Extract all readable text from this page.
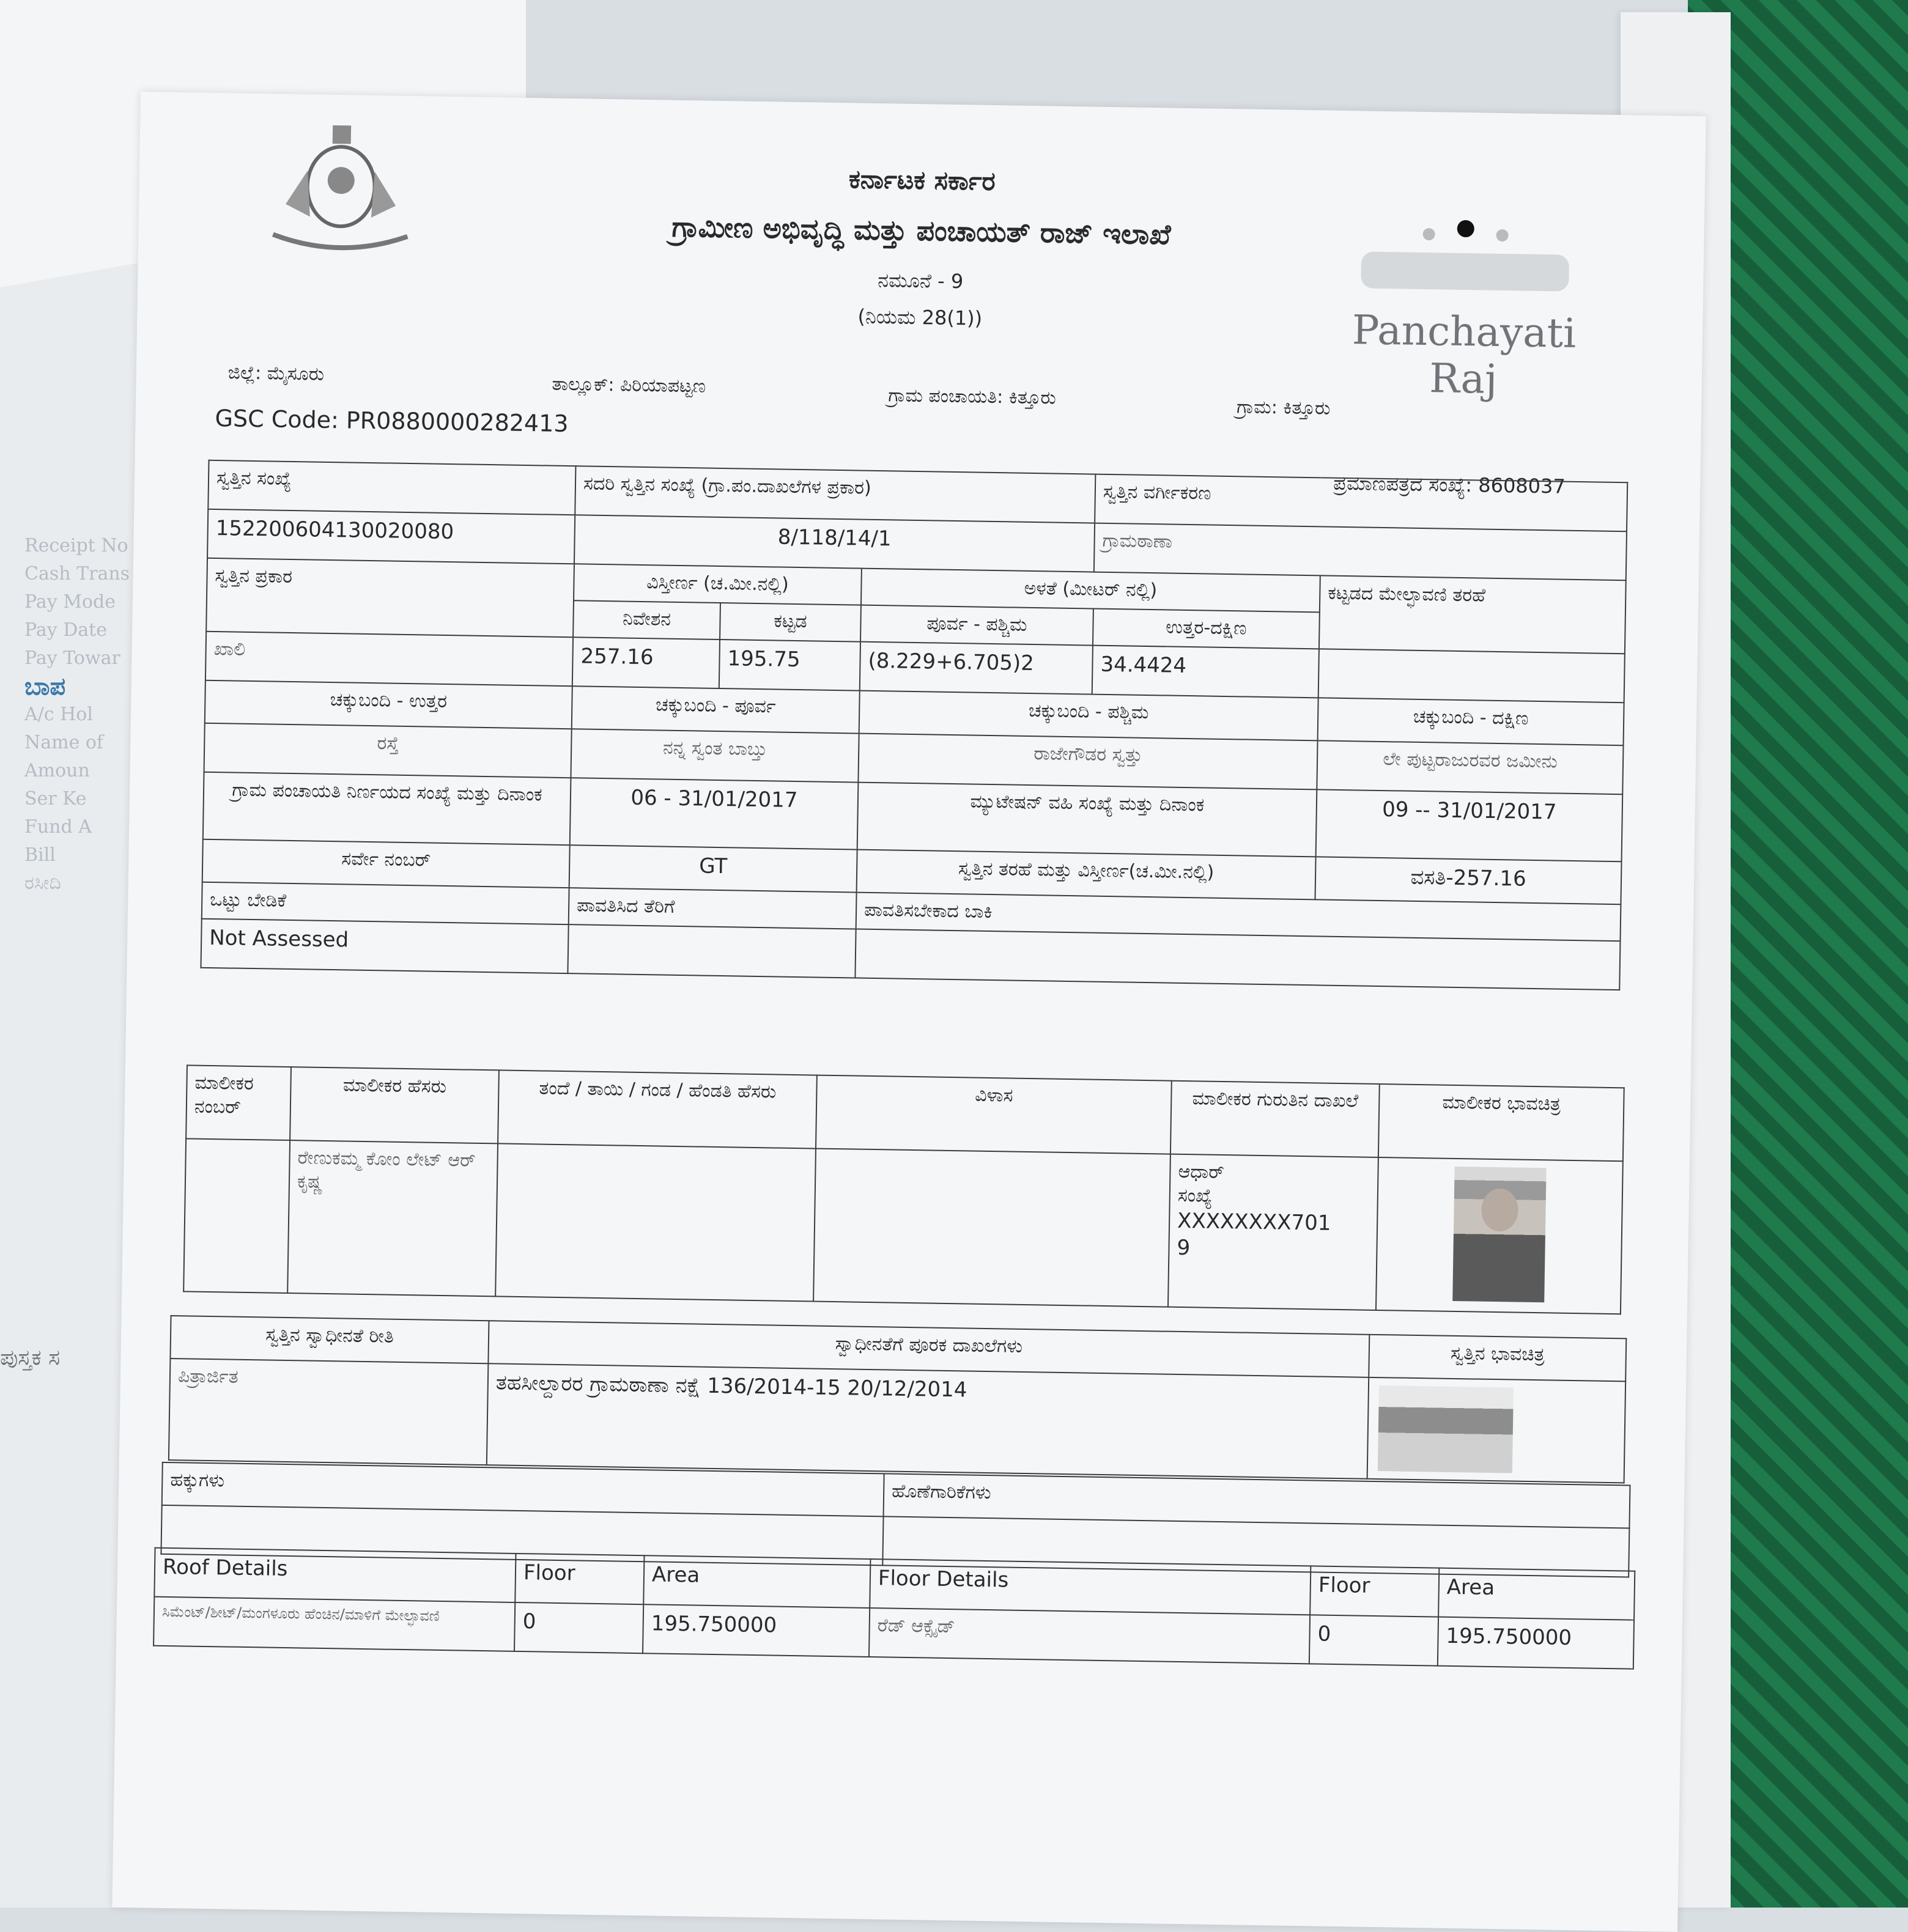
Receipt No
Cash Trans
Pay Mode
Pay Date
Pay Towar
ಬಾಪ
A/c Hol
Name of
Amoun
Ser Ke
Fund A
Bill
ರಸೀದಿ
ಪುಸ್ತಕ ಸ
Panchayati Raj
ಕರ್ನಾಟಕ ಸರ್ಕಾರ
ಗ್ರಾಮೀಣ ಅಭಿವೃದ್ಧಿ ಮತ್ತು ಪಂಚಾಯತ್ ರಾಜ್ ಇಲಾಖೆ
ನಮೂನೆ - 9
(ನಿಯಮ 28(1))
ಜಿಲ್ಲೆ: ಮೈಸೂರು	ತಾಲ್ಲೂಕ್: ಪಿರಿಯಾಪಟ್ಟಣ	ಗ್ರಾಮ ಪಂಚಾಯತಿ: ಕಿತ್ತೂರು	ಗ್ರಾಮ: ಕಿತ್ತೂರು
GSC Code: PR0880000282413
ಪ್ರಮಾಣಪತ್ರದ ಸಂಖ್ಯೆ: 8608037
ಸ್ವತ್ತಿನ ಸಂಖ್ಯೆ	ಸದರಿ ಸ್ವತ್ತಿನ ಸಂಖ್ಯೆ (ಗ್ರಾ.ಪಂ.ದಾಖಲೆಗಳ ಪ್ರಕಾರ)			ಸ್ವತ್ತಿನ ವರ್ಗೀಕರಣ	
152200604130020080	8/118/14/1			ಗ್ರಾಮಠಾಣಾ	
ಸ್ವತ್ತಿನ ಪ್ರಕಾರ	ವಿಸ್ತೀರ್ಣ (ಚ.ಮೀ.ನಲ್ಲಿ)		ಅಳತೆ (ಮೀಟರ್ ನಲ್ಲಿ)		ಕಟ್ಟಡದ ಮೇಲ್ಛಾವಣಿ ತರಹೆ
	ನಿವೇಶನ	ಕಟ್ಟಡ	ಪೂರ್ವ - ಪಶ್ಚಿಮ	ಉತ್ತರ-ದಕ್ಷಿಣ	
ಖಾಲಿ	257.16	195.75	(8.229+6.705)2	34.4424	
ಚಕ್ಕುಬಂದಿ - ಉತ್ತರ	ಚಕ್ಕುಬಂದಿ - ಪೂರ್ವ		ಚಕ್ಕುಬಂದಿ - ಪಶ್ಚಿಮ		ಚಕ್ಕುಬಂದಿ - ದಕ್ಷಿಣ
ರಸ್ತೆ	ನನ್ನ ಸ್ವಂತ ಬಾಬ್ತು		ರಾಜೇಗೌಡರ ಸ್ವತ್ತು		ಲೇ ಪುಟ್ಟರಾಜುರವರ ಜಮೀನು
ಗ್ರಾಮ ಪಂಚಾಯತಿ ನಿರ್ಣಯದ ಸಂಖ್ಯೆ ಮತ್ತು ದಿನಾಂಕ	06 - 31/01/2017		ಮ್ಯುಟೇಷನ್ ವಹಿ ಸಂಖ್ಯೆ ಮತ್ತು ದಿನಾಂಕ		09 -- 31/01/2017
ಸರ್ವೇ ನಂಬರ್	GT		ಸ್ವತ್ತಿನ ತರಹೆ ಮತ್ತು ವಿಸ್ತೀರ್ಣ(ಚ.ಮೀ.ನಲ್ಲಿ)		ವಸತಿ-257.16
ಒಟ್ಟು ಬೇಡಿಕೆ	ಪಾವತಿಸಿದ ತೆರಿಗೆ		ಪಾವತಿಸಬೇಕಾದ ಬಾಕಿ		
Not Assessed					
ಮಾಲೀಕರ ನಂಬರ್	ಮಾಲೀಕರ ಹೆಸರು	ತಂದೆ / ತಾಯಿ / ಗಂಡ / ಹೆಂಡತಿ ಹೆಸರು	ವಿಳಾಸ	ಮಾಲೀಕರ ಗುರುತಿನ ದಾಖಲೆ	ಮಾಲೀಕರ ಭಾವಚಿತ್ರ
	ರೇಣುಕಮ್ಮ ಕೋಂ ಲೇಟ್ ಆರ್ ಕೃಷ್ಣ			ಆಧಾರ್
ಸಂಖ್ಯೆ
XXXXXXXX701
9	

ಸ್ವತ್ತಿನ ಸ್ವಾಧೀನತೆ ರೀತಿ	ಸ್ವಾಧೀನತೆಗೆ ಪೂರಕ ದಾಖಲೆಗಳು	ಸ್ವತ್ತಿನ ಭಾವಚಿತ್ರ
ಪಿತ್ರಾರ್ಜಿತ	ತಹಸೀಲ್ದಾರರ ಗ್ರಾಮಠಾಣಾ ನಕ್ಷೆ 136/2014-15 20/12/2014	
ಹಕ್ಕುಗಳು	ಹೊಣೆಗಾರಿಕೆಗಳು

Roof Details	Floor	Area	Floor Details	Floor	Area
ಸಿಮೆಂಟ್/ಶೀಟ್/ಮಂಗಳೂರು ಹೆಂಚಿನ/ಮಾಳಿಗೆ ಮೇಲ್ಛಾವಣಿ	0	195.750000	ರೆಡ್ ಆಕ್ಸೈಡ್	0	195.750000
